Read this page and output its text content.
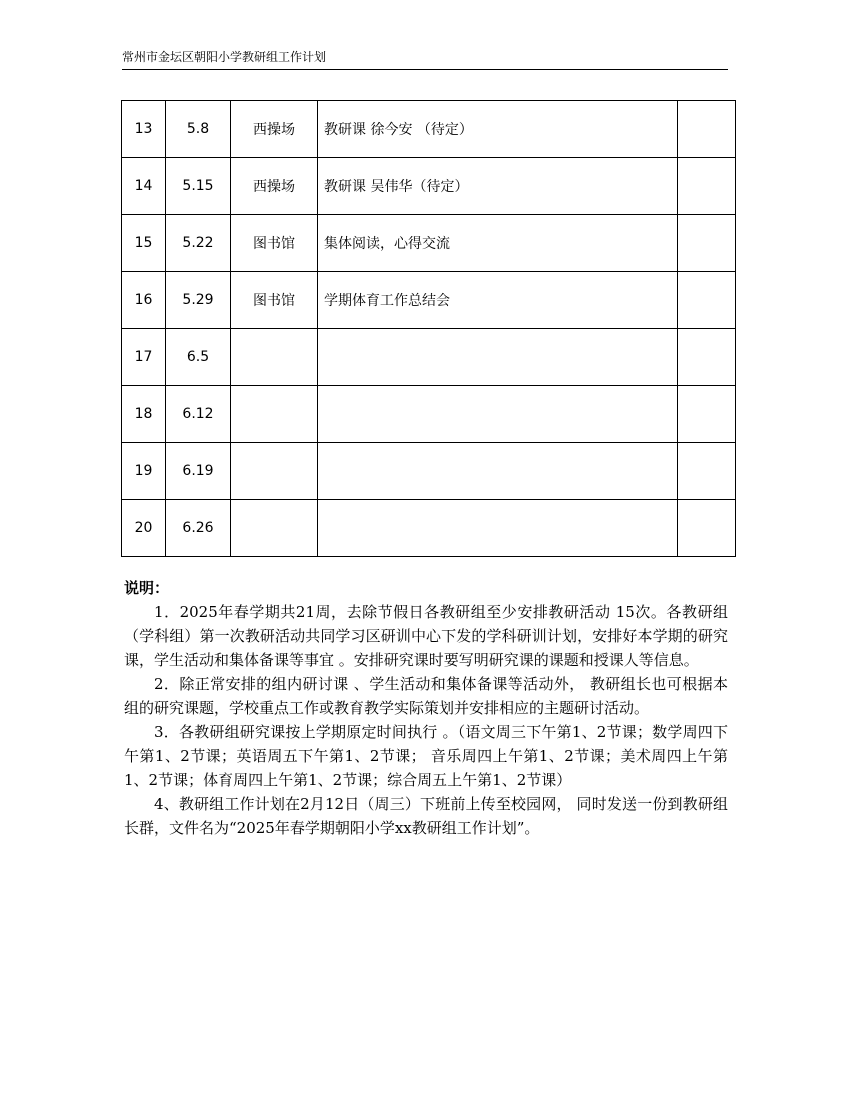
常州市金坛区朝阳小学教研组工作计划
13	5.8	西操场	教研课 徐今安 （待定）	
14	5.15	西操场	教研课 吴伟华（待定）	
15	5.22	图书馆	集体阅读，心得交流	
16	5.29	图书馆	学期体育工作总结会	
17	6.5			
18	6.12			
19	6.19			
20	6.26			
说明：

1．2025年春学期共21周，去除节假日各教研组至少安排教研活动 15次。各教研组（学科组）第一次教研活动共同学习区研训中心下发的学科研训计划，安排好本学期的研究课，学生活动和集体备课等事宜 。安排研究课时要写明研究课的课题和授课人等信息。

2．除正常安排的组内研讨课 、学生活动和集体备课等活动外， 教研组长也可根据本组的研究课题，学校重点工作或教育教学实际策划并安排相应的主题研讨活动。

3．各教研组研究课按上学期原定时间执行 。（语文周三下午第1、2节课；数学周四下午第1、2节课；英语周五下午第1、2节课； 音乐周四上午第1、2节课；美术周四上午第1、2节课；体育周四上午第1、2节课；综合周五上午第1、2节课）

4、教研组工作计划在2月12日（周三）下班前上传至校园网， 同时发送一份到教研组长群，文件名为“2025年春学期朝阳小学xx教研组工作计划”。
